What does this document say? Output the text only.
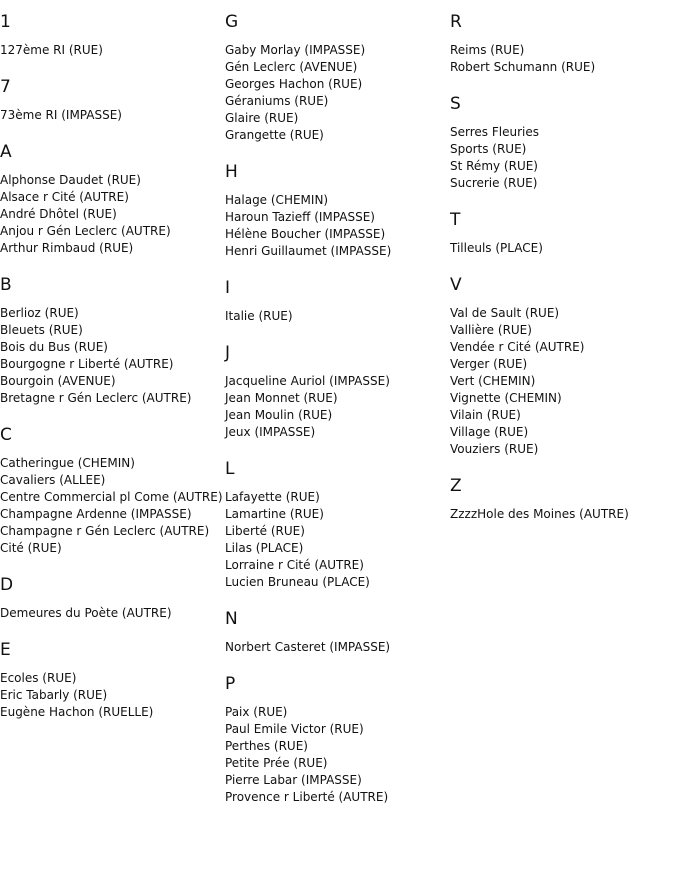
1
127ème RI (RUE)
7
73ème RI (IMPASSE)
A
Alphonse Daudet (RUE)
Alsace r Cité (AUTRE)
André Dhôtel (RUE)
Anjou r Gén Leclerc (AUTRE)
Arthur Rimbaud (RUE)
B
Berlioz (RUE)
Bleuets (RUE)
Bois du Bus (RUE)
Bourgogne r Liberté (AUTRE)
Bourgoin (AVENUE)
Bretagne r Gén Leclerc (AUTRE)
C
Catheringue (CHEMIN)
Cavaliers (ALLEE)
Centre Commercial pl Come (AUTRE)
Champagne Ardenne (IMPASSE)
Champagne r Gén Leclerc (AUTRE)
Cité (RUE)
D
Demeures du Poète (AUTRE)
E
Ecoles (RUE)
Eric Tabarly (RUE)
Eugène Hachon (RUELLE)
G
Gaby Morlay (IMPASSE)
Gén Leclerc (AVENUE)
Georges Hachon (RUE)
Géraniums (RUE)
Glaire (RUE)
Grangette (RUE)
H
Halage (CHEMIN)
Haroun Tazieff (IMPASSE)
Hélène Boucher (IMPASSE)
Henri Guillaumet (IMPASSE)
I
Italie (RUE)
J
Jacqueline Auriol (IMPASSE)
Jean Monnet (RUE)
Jean Moulin (RUE)
Jeux (IMPASSE)
L
Lafayette (RUE)
Lamartine (RUE)
Liberté (RUE)
Lilas (PLACE)
Lorraine r Cité (AUTRE)
Lucien Bruneau (PLACE)
N
Norbert Casteret (IMPASSE)
P
Paix (RUE)
Paul Emile Victor (RUE)
Perthes (RUE)
Petite Prée (RUE)
Pierre Labar (IMPASSE)
Provence r Liberté (AUTRE)
R
Reims (RUE)
Robert Schumann (RUE)
S
Serres Fleuries
Sports (RUE)
St Rémy (RUE)
Sucrerie (RUE)
T
Tilleuls (PLACE)
V
Val de Sault (RUE)
Vallière (RUE)
Vendée r Cité (AUTRE)
Verger (RUE)
Vert (CHEMIN)
Vignette (CHEMIN)
Vilain (RUE)
Village (RUE)
Vouziers (RUE)
Z
ZzzzHole des Moines (AUTRE)
